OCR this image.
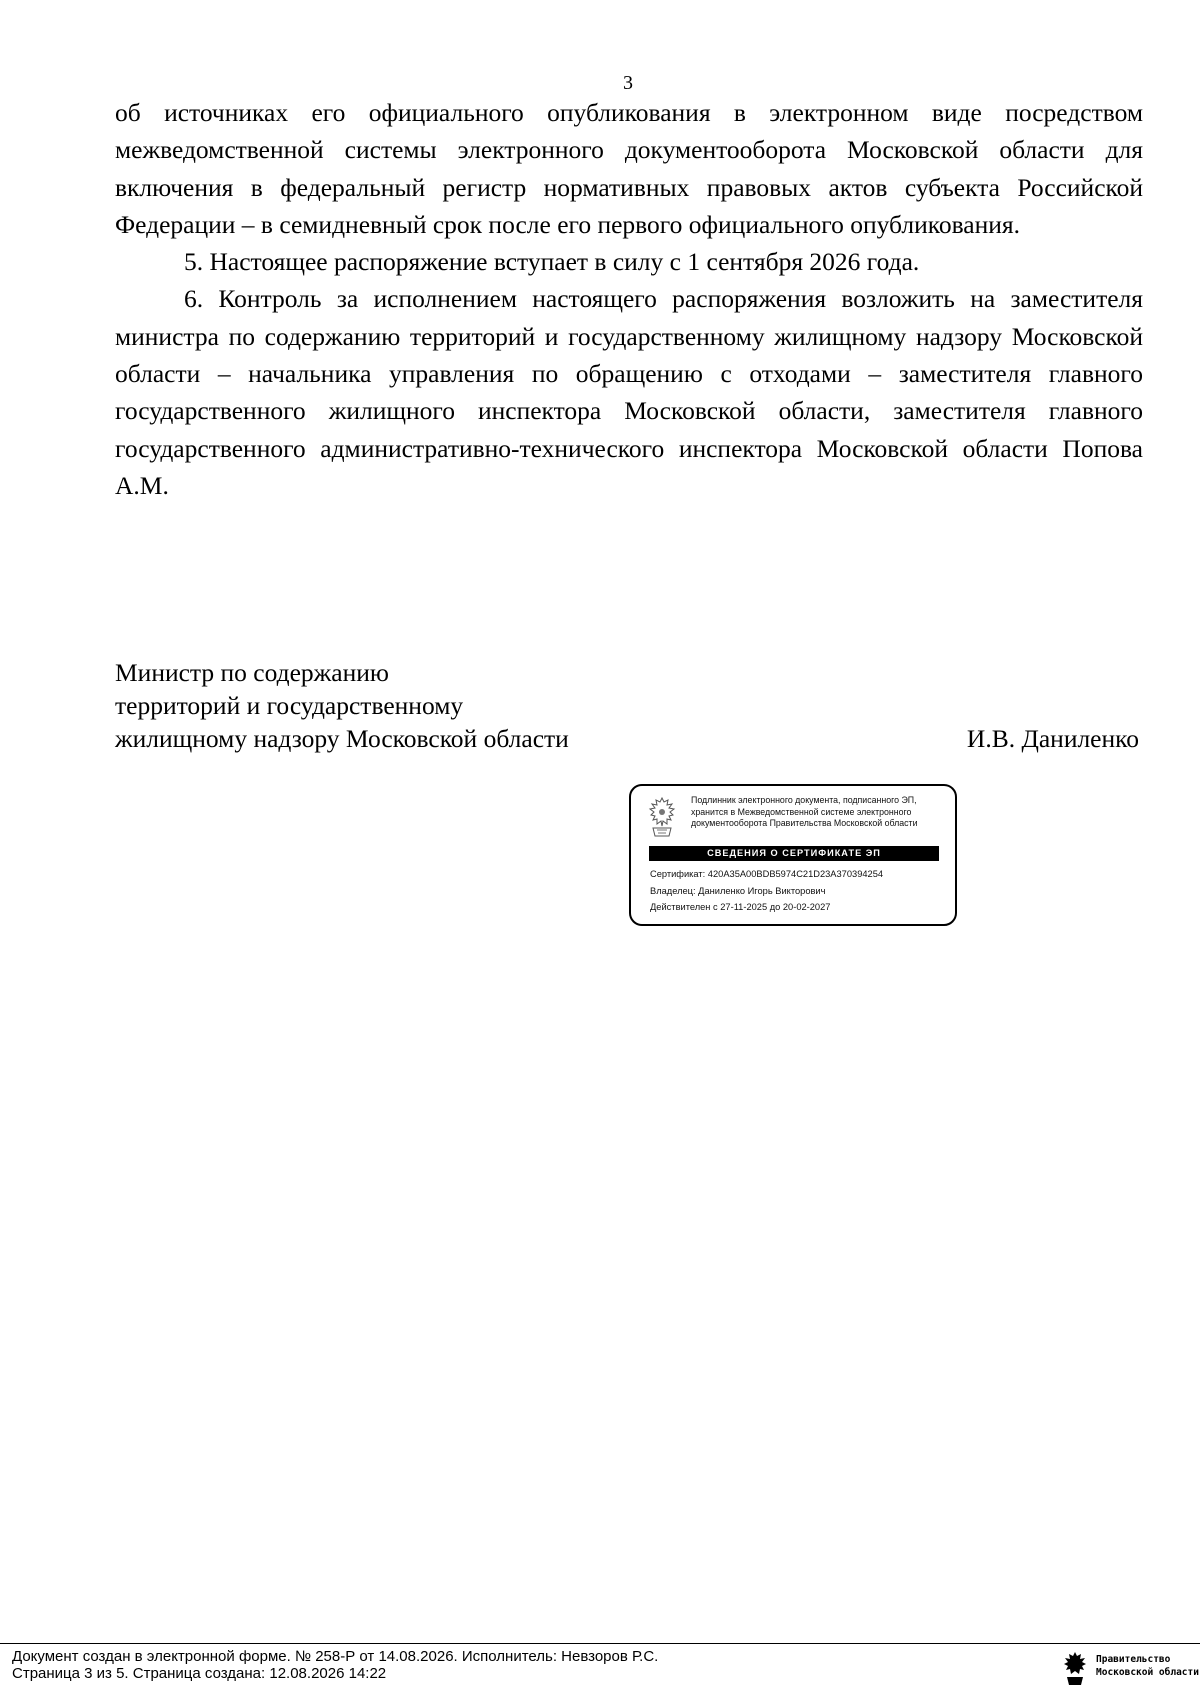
3

об источниках его официального опубликования в электронном виде посредством межведомственной системы электронного документооборота Московской области для включения в федеральный регистр нормативных правовых актов субъекта Российской Федерации – в семидневный срок после его первого официального опубликования.

5. Настоящее распоряжение вступает в силу с 1 сентября 2026 года.

6. Контроль за исполнением настоящего распоряжения возложить на заместителя министра по содержанию территорий и государственному жилищному надзору Московской области – начальника управления по обращению с отходами – заместителя главного государственного жилищного инспектора Московской области, заместителя главного государственного административно-технического инспектора Московской области Попова А.М.

Министр по содержанию
территорий и государственному
жилищному надзору Московской области	И.В. Даниленко
Подлинник электронного документа, подписанного ЭП,
хранится в Межведомственной системе электронного
документооборота Правительства Московской области
СВЕДЕНИЯ О СЕРТИФИКАТЕ ЭП
Сертификат: 420A35A00BDB5974C21D23A370394254
Владелец: Даниленко Игорь Викторович
Действителен с 27-11-2025 до 20-02-2027
Документ создан в электронной форме. № 258-Р от 14.08.2026. Исполнитель: Невзоров Р.С.
Страница 3 из 5. Страница создана: 12.08.2026 14:22
Правительство
Московской области
